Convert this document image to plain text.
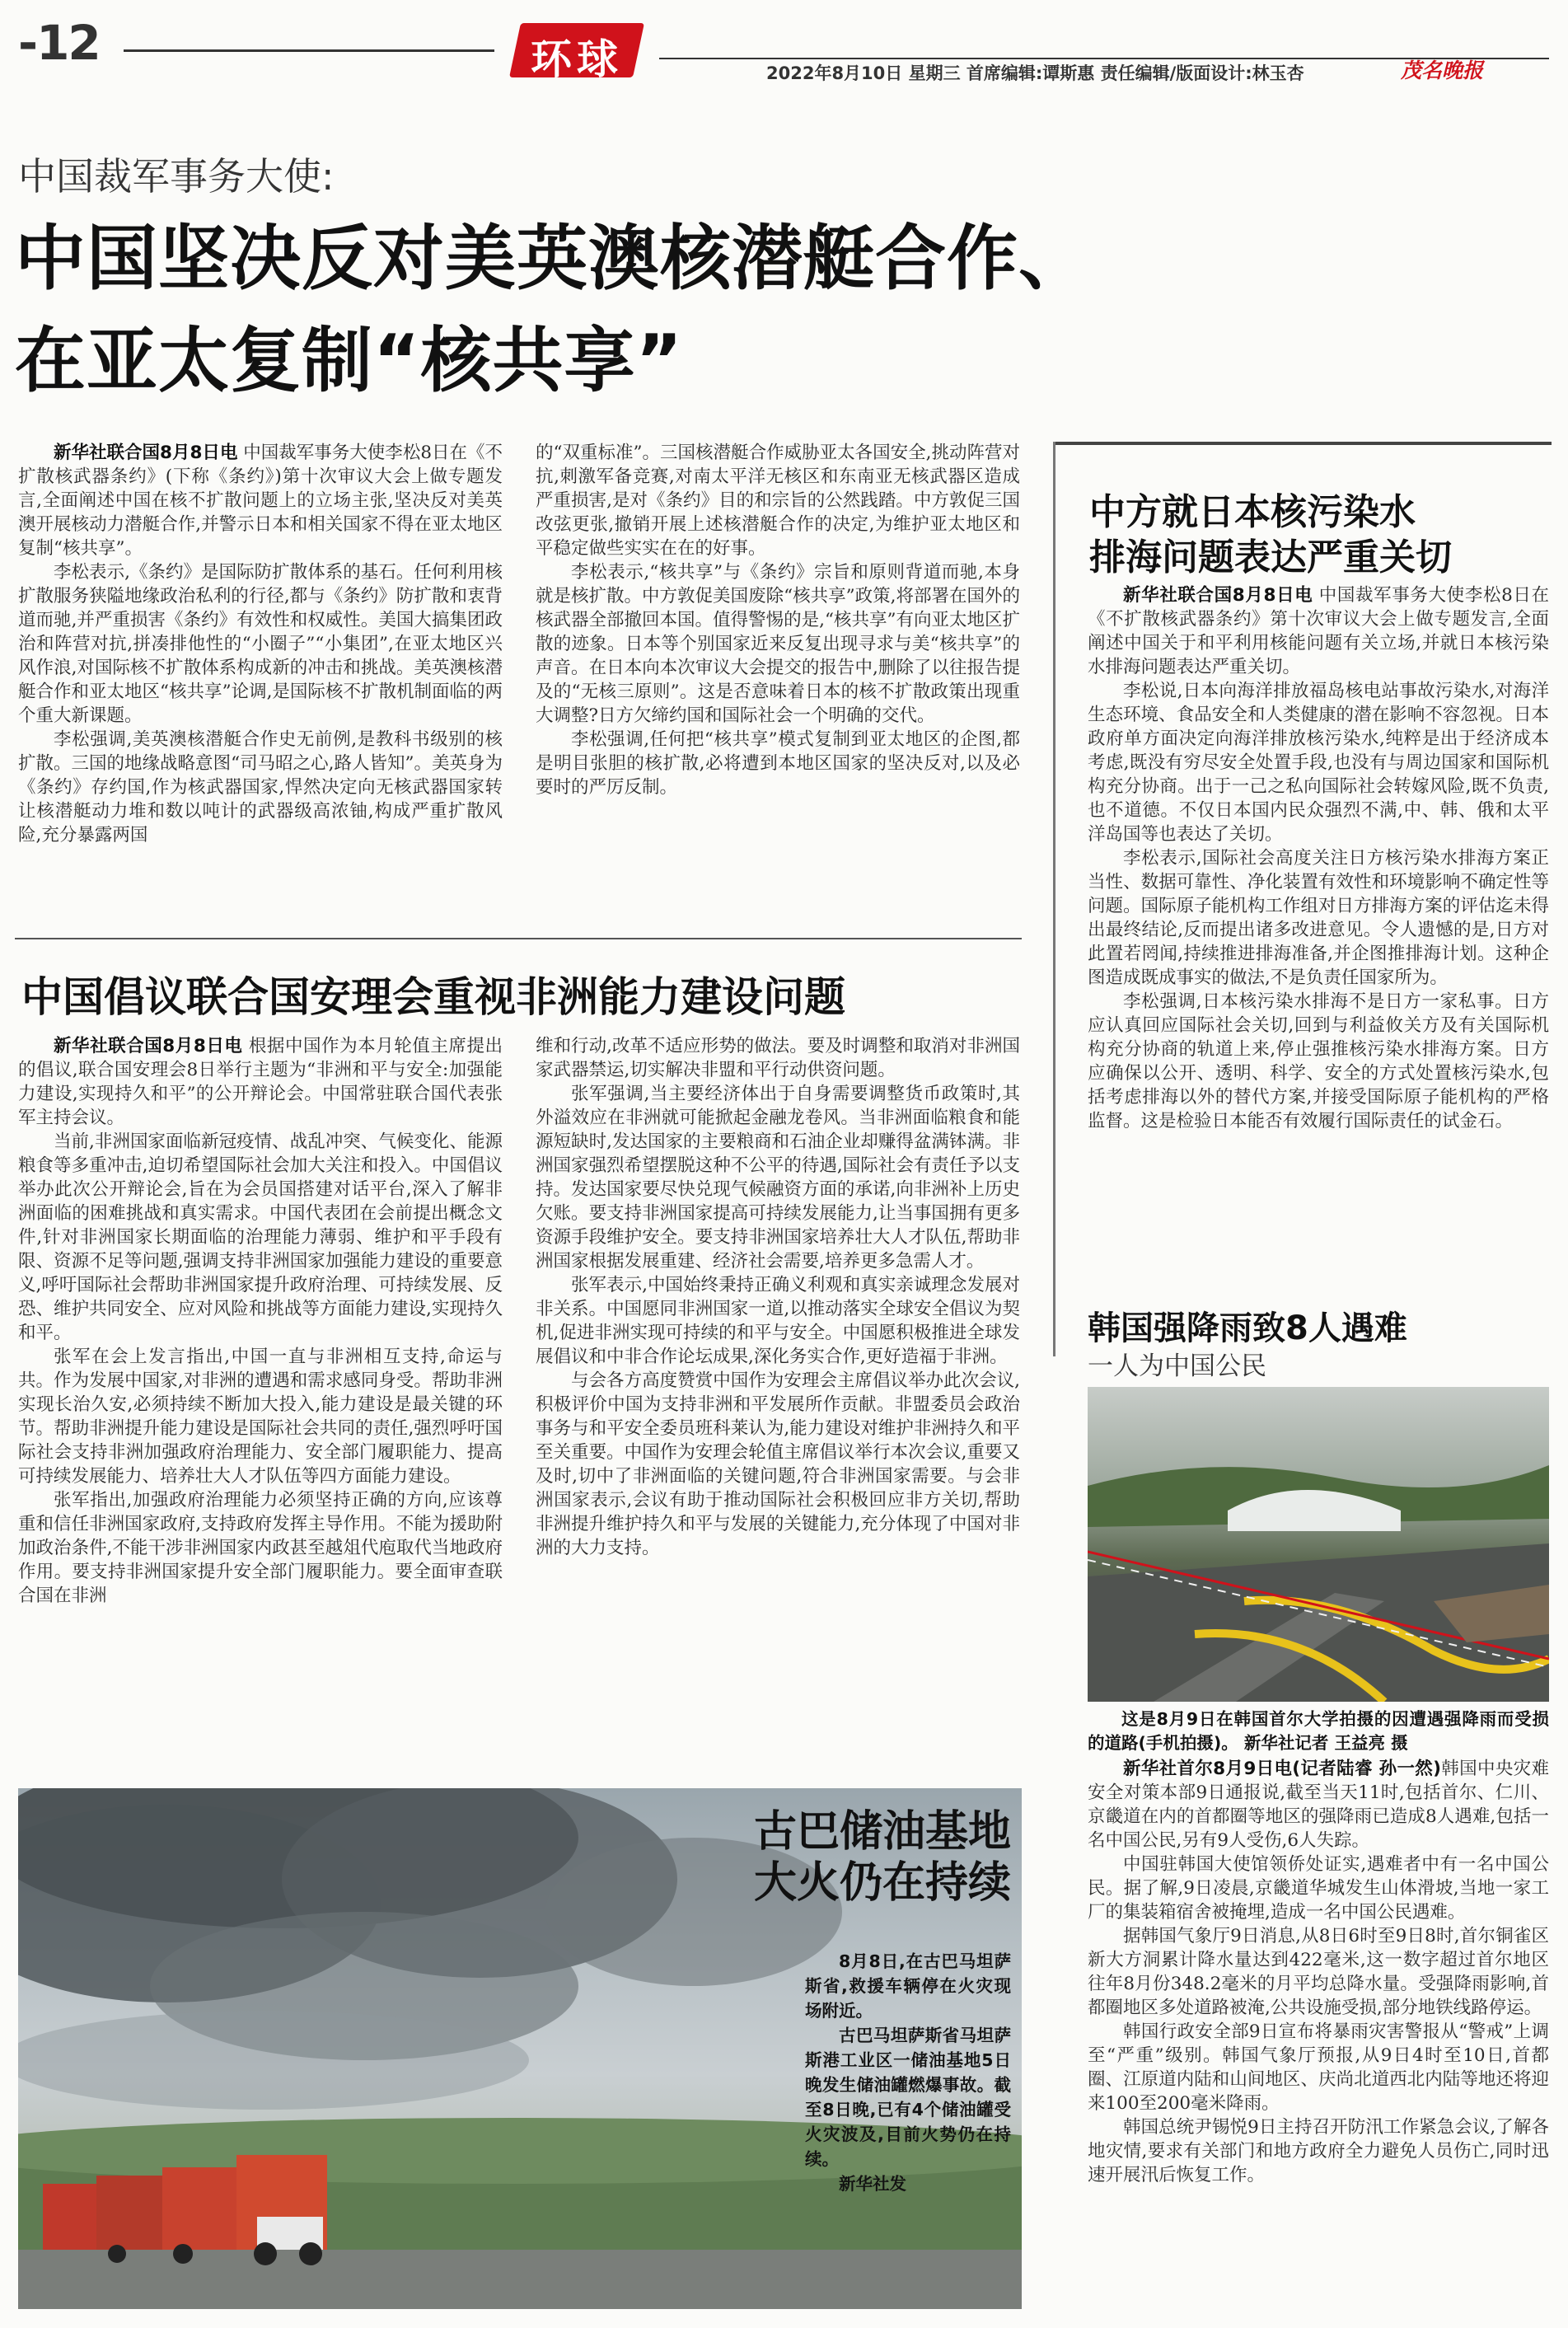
-12	环球	2022年8月10日 星期三 首席编辑:谭斯惠 责任编辑/版面设计:林玉杏	茂名晚报
中国裁军事务大使:
中国坚决反对美英澳核潜艇合作、
在亚太复制“核共享”

新华社联合国8月8日电 中国裁军事务大使李松8日在《不扩散核武器条约》(下称《条约》)第十次审议大会上做专题发言,全面阐述中国在核不扩散问题上的立场主张,坚决反对美英澳开展核动力潜艇合作,并警示日本和相关国家不得在亚太地区复制“核共享”。

李松表示,《条约》是国际防扩散体系的基石。任何利用核扩散服务狭隘地缘政治私利的行径,都与《条约》防扩散和衷背道而驰,并严重损害《条约》有效性和权威性。美国大搞集团政治和阵营对抗,拼凑排他性的“小圈子”“小集团”,在亚太地区兴风作浪,对国际核不扩散体系构成新的冲击和挑战。美英澳核潜艇合作和亚太地区“核共享”论调,是国际核不扩散机制面临的两个重大新课题。

李松强调,美英澳核潜艇合作史无前例,是教科书级别的核扩散。三国的地缘战略意图“司马昭之心,路人皆知”。美英身为《条约》存约国,作为核武器国家,悍然决定向无核武器国家转让核潜艇动力堆和数以吨计的武器级高浓铀,构成严重扩散风险,充分暴露两国

的“双重标准”。三国核潜艇合作威胁亚太各国安全,挑动阵营对抗,刺激军备竞赛,对南太平洋无核区和东南亚无核武器区造成严重损害,是对《条约》目的和宗旨的公然践踏。中方敦促三国改弦更张,撤销开展上述核潜艇合作的决定,为维护亚太地区和平稳定做些实实在在的好事。

李松表示,“核共享”与《条约》宗旨和原则背道而驰,本身就是核扩散。中方敦促美国废除“核共享”政策,将部署在国外的核武器全部撤回本国。值得警惕的是,“核共享”有向亚太地区扩散的迹象。日本等个别国家近来反复出现寻求与美“核共享”的声音。在日本向本次审议大会提交的报告中,删除了以往报告提及的“无核三原则”。这是否意味着日本的核不扩散政策出现重大调整?日方欠缔约国和国际社会一个明确的交代。

李松强调,任何把“核共享”模式复制到亚太地区的企图,都是明目张胆的核扩散,必将遭到本地区国家的坚决反对,以及必要时的严厉反制。

中国倡议联合国安理会重视非洲能力建设问题

新华社联合国8月8日电 根据中国作为本月轮值主席提出的倡议,联合国安理会8日举行主题为“非洲和平与安全:加强能力建设,实现持久和平”的公开辩论会。中国常驻联合国代表张军主持会议。

当前,非洲国家面临新冠疫情、战乱冲突、气候变化、能源粮食等多重冲击,迫切希望国际社会加大关注和投入。中国倡议举办此次公开辩论会,旨在为会员国搭建对话平台,深入了解非洲面临的困难挑战和真实需求。中国代表团在会前提出概念文件,针对非洲国家长期面临的治理能力薄弱、维护和平手段有限、资源不足等问题,强调支持非洲国家加强能力建设的重要意义,呼吁国际社会帮助非洲国家提升政府治理、可持续发展、反恐、维护共同安全、应对风险和挑战等方面能力建设,实现持久和平。

张军在会上发言指出,中国一直与非洲相互支持,命运与共。作为发展中国家,对非洲的遭遇和需求感同身受。帮助非洲实现长治久安,必须持续不断加大投入,能力建设是最关键的环节。帮助非洲提升能力建设是国际社会共同的责任,强烈呼吁国际社会支持非洲加强政府治理能力、安全部门履职能力、提高可持续发展能力、培养壮大人才队伍等四方面能力建设。

张军指出,加强政府治理能力必须坚持正确的方向,应该尊重和信任非洲国家政府,支持政府发挥主导作用。不能为援助附加政治条件,不能干涉非洲国家内政甚至越俎代庖取代当地政府作用。要支持非洲国家提升安全部门履职能力。要全面审查联合国在非洲

维和行动,改革不适应形势的做法。要及时调整和取消对非洲国家武器禁运,切实解决非盟和平行动供资问题。

张军强调,当主要经济体出于自身需要调整货币政策时,其外溢效应在非洲就可能掀起金融龙卷风。当非洲面临粮食和能源短缺时,发达国家的主要粮商和石油企业却赚得盆满钵满。非洲国家强烈希望摆脱这种不公平的待遇,国际社会有责任予以支持。发达国家要尽快兑现气候融资方面的承诺,向非洲补上历史欠账。要支持非洲国家提高可持续发展能力,让当事国拥有更多资源手段维护安全。要支持非洲国家培养壮大人才队伍,帮助非洲国家根据发展重建、经济社会需要,培养更多急需人才。

张军表示,中国始终秉持正确义利观和真实亲诚理念发展对非关系。中国愿同非洲国家一道,以推动落实全球安全倡议为契机,促进非洲实现可持续的和平与安全。中国愿积极推进全球发展倡议和中非合作论坛成果,深化务实合作,更好造福于非洲。

与会各方高度赞赏中国作为安理会主席倡议举办此次会议,积极评价中国为支持非洲和平发展所作贡献。非盟委员会政治事务与和平安全委员班科莱认为,能力建设对维护非洲持久和平至关重要。中国作为安理会轮值主席倡议举行本次会议,重要又及时,切中了非洲面临的关键问题,符合非洲国家需要。与会非洲国家表示,会议有助于推动国际社会积极回应非方关切,帮助非洲提升维护持久和平与发展的关键能力,充分体现了中国对非洲的大力支持。

古巴储油基地
大火仍在持续

8月8日,在古巴马坦萨斯省,救援车辆停在火灾现场附近。

古巴马坦萨斯省马坦萨斯港工业区一储油基地5日晚发生储油罐燃爆事故。截至8日晚,已有4个储油罐受火灾波及,目前火势仍在持续。

新华社发

中方就日本核污染水
排海问题表达严重关切

新华社联合国8月8日电 中国裁军事务大使李松8日在《不扩散核武器条约》第十次审议大会上做专题发言,全面阐述中国关于和平利用核能问题有关立场,并就日本核污染水排海问题表达严重关切。

李松说,日本向海洋排放福岛核电站事故污染水,对海洋生态环境、食品安全和人类健康的潜在影响不容忽视。日本政府单方面决定向海洋排放核污染水,纯粹是出于经济成本考虑,既没有穷尽安全处置手段,也没有与周边国家和国际机构充分协商。出于一己之私向国际社会转嫁风险,既不负责,也不道德。不仅日本国内民众强烈不满,中、韩、俄和太平洋岛国等也表达了关切。

李松表示,国际社会高度关注日方核污染水排海方案正当性、数据可靠性、净化装置有效性和环境影响不确定性等问题。国际原子能机构工作组对日方排海方案的评估迄未得出最终结论,反而提出诸多改进意见。令人遗憾的是,日方对此置若罔闻,持续推进排海准备,并企图推排海计划。这种企图造成既成事实的做法,不是负责任国家所为。

李松强调,日本核污染水排海不是日方一家私事。日方应认真回应国际社会关切,回到与利益攸关方及有关国际机构充分协商的轨道上来,停止强推核污染水排海方案。日方应确保以公开、透明、科学、安全的方式处置核污染水,包括考虑排海以外的替代方案,并接受国际原子能机构的严格监督。这是检验日本能否有效履行国际责任的试金石。

韩国强降雨致8人遇难
一人为中国公民
这是8月9日在韩国首尔大学拍摄的因遭遇强降雨而受损的道路(手机拍摄)。 新华社记者 王益亮 摄

新华社首尔8月9日电(记者陆睿 孙一然)韩国中央灾难安全对策本部9日通报说,截至当天11时,包括首尔、仁川、京畿道在内的首都圈等地区的强降雨已造成8人遇难,包括一名中国公民,另有9人受伤,6人失踪。

中国驻韩国大使馆领侨处证实,遇难者中有一名中国公民。据了解,9日凌晨,京畿道华城发生山体滑坡,当地一家工厂的集装箱宿舍被掩埋,造成一名中国公民遇难。

据韩国气象厅9日消息,从8日6时至9日8时,首尔铜雀区新大方洞累计降水量达到422毫米,这一数字超过首尔地区往年8月份348.2毫米的月平均总降水量。受强降雨影响,首都圈地区多处道路被淹,公共设施受损,部分地铁线路停运。

韩国行政安全部9日宣布将暴雨灾害警报从“警戒”上调至“严重”级别。韩国气象厅预报,从9日4时至10日,首都圈、江原道内陆和山间地区、庆尚北道西北内陆等地还将迎来100至200毫米降雨。

韩国总统尹锡悦9日主持召开防汛工作紧急会议,了解各地灾情,要求有关部门和地方政府全力避免人员伤亡,同时迅速开展汛后恢复工作。
